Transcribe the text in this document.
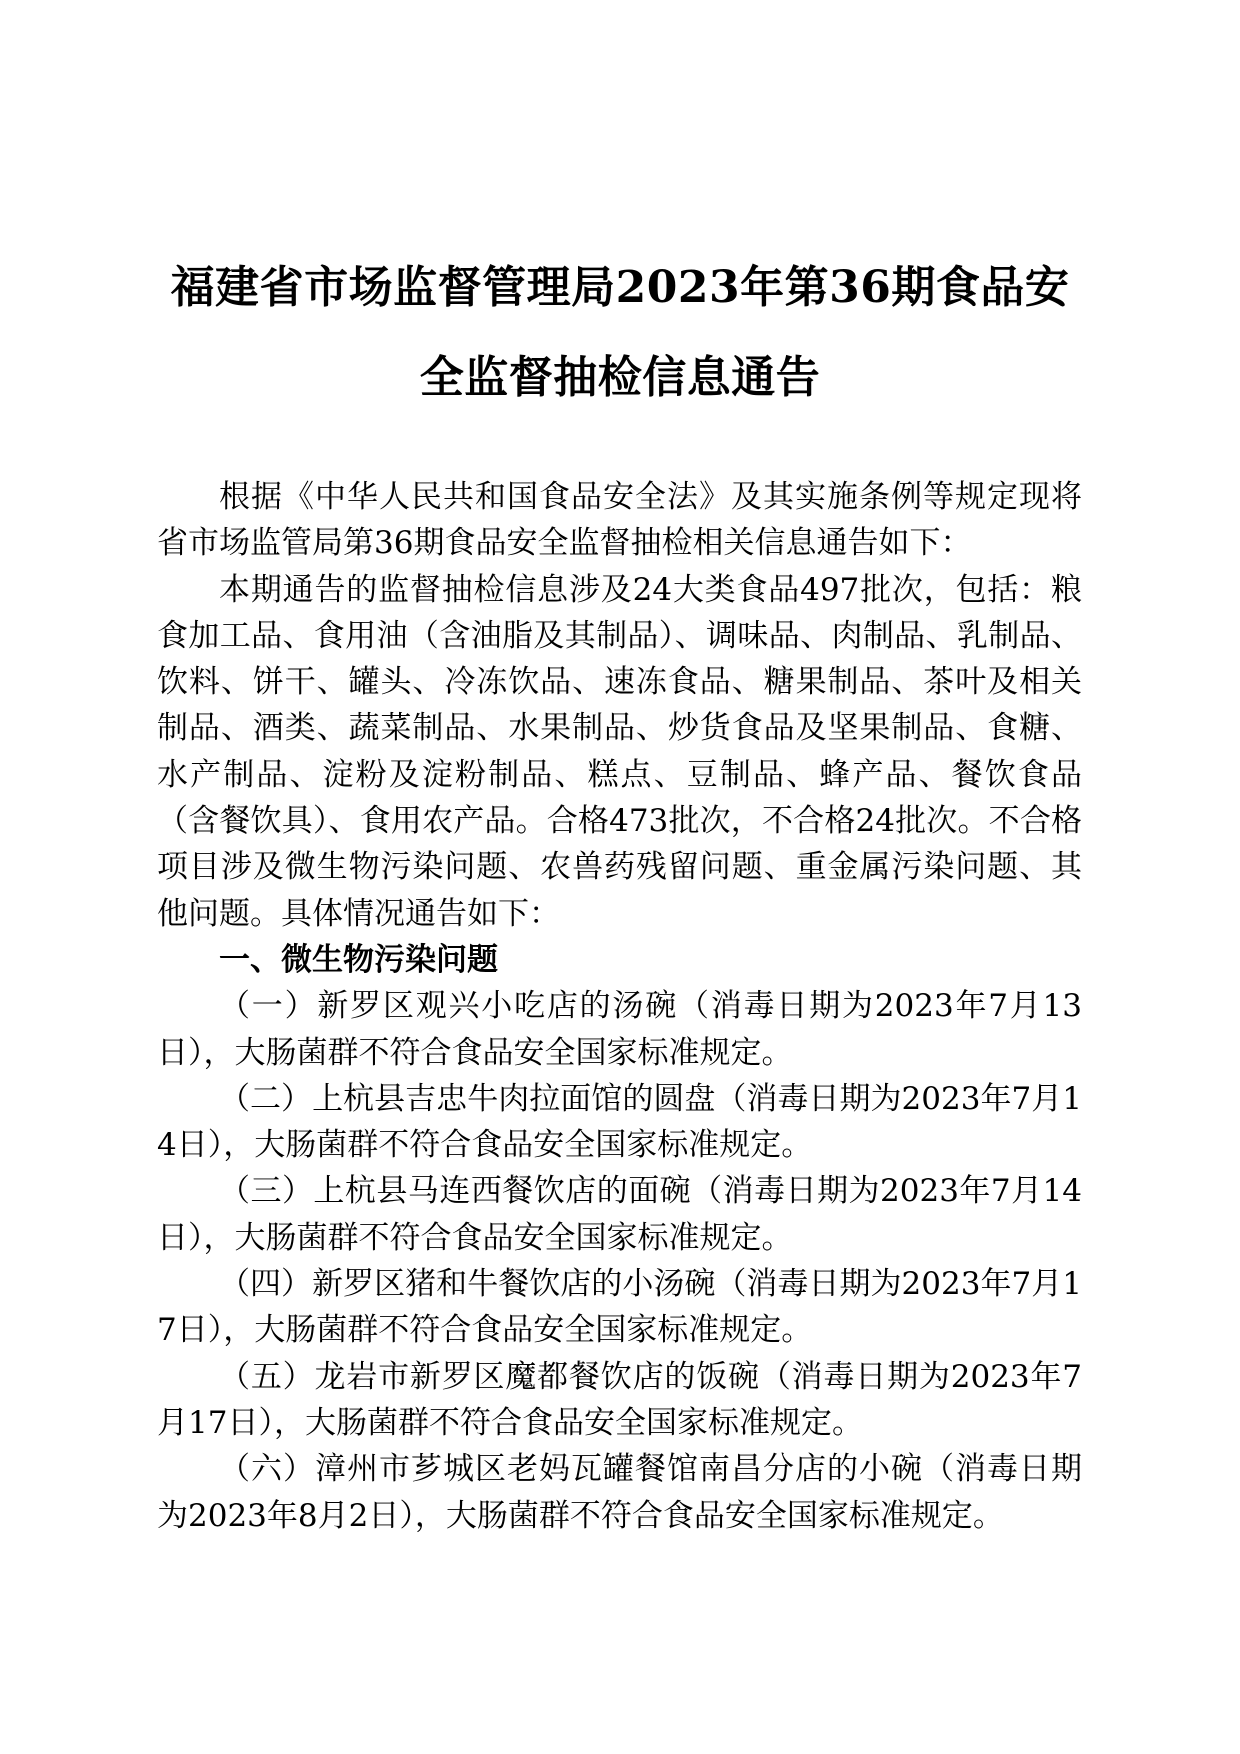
福建省市场监督管理局2023年第36期食品安
全监督抽检信息通告

根据《中华人民共和国食品安全法》及其实施条例等规定现将省市场监管局第36期食品安全监督抽检相关信息通告如下：

本期通告的监督抽检信息涉及24大类食品497批次，包括：粮食加工品、食用油（含油脂及其制品）、调味品、肉制品、乳制品、饮料、饼干、罐头、冷冻饮品、速冻食品、糖果制品、茶叶及相关制品、酒类、蔬菜制品、水果制品、炒货食品及坚果制品、食糖、水产制品、淀粉及淀粉制品、糕点、豆制品、蜂产品、餐饮食品（含餐饮具）、食用农产品。合格473批次，不合格24批次。不合格项目涉及微生物污染问题、农兽药残留问题、重金属污染问题、其他问题。具体情况通告如下：

一、微生物污染问题

（一）新罗区观兴小吃店的汤碗（消毒日期为2023年7月13日），大肠菌群不符合食品安全国家标准规定。

（二）上杭县吉忠牛肉拉面馆的圆盘（消毒日期为2023年7月14日），大肠菌群不符合食品安全国家标准规定。

（三）上杭县马连西餐饮店的面碗（消毒日期为2023年7月14日），大肠菌群不符合食品安全国家标准规定。

（四）新罗区猪和牛餐饮店的小汤碗（消毒日期为2023年7月17日），大肠菌群不符合食品安全国家标准规定。

（五）龙岩市新罗区魔都餐饮店的饭碗（消毒日期为2023年7月17日），大肠菌群不符合食品安全国家标准规定。

（六）漳州市芗城区老妈瓦罐餐馆南昌分店的小碗（消毒日期为2023年8月2日），大肠菌群不符合食品安全国家标准规定。
